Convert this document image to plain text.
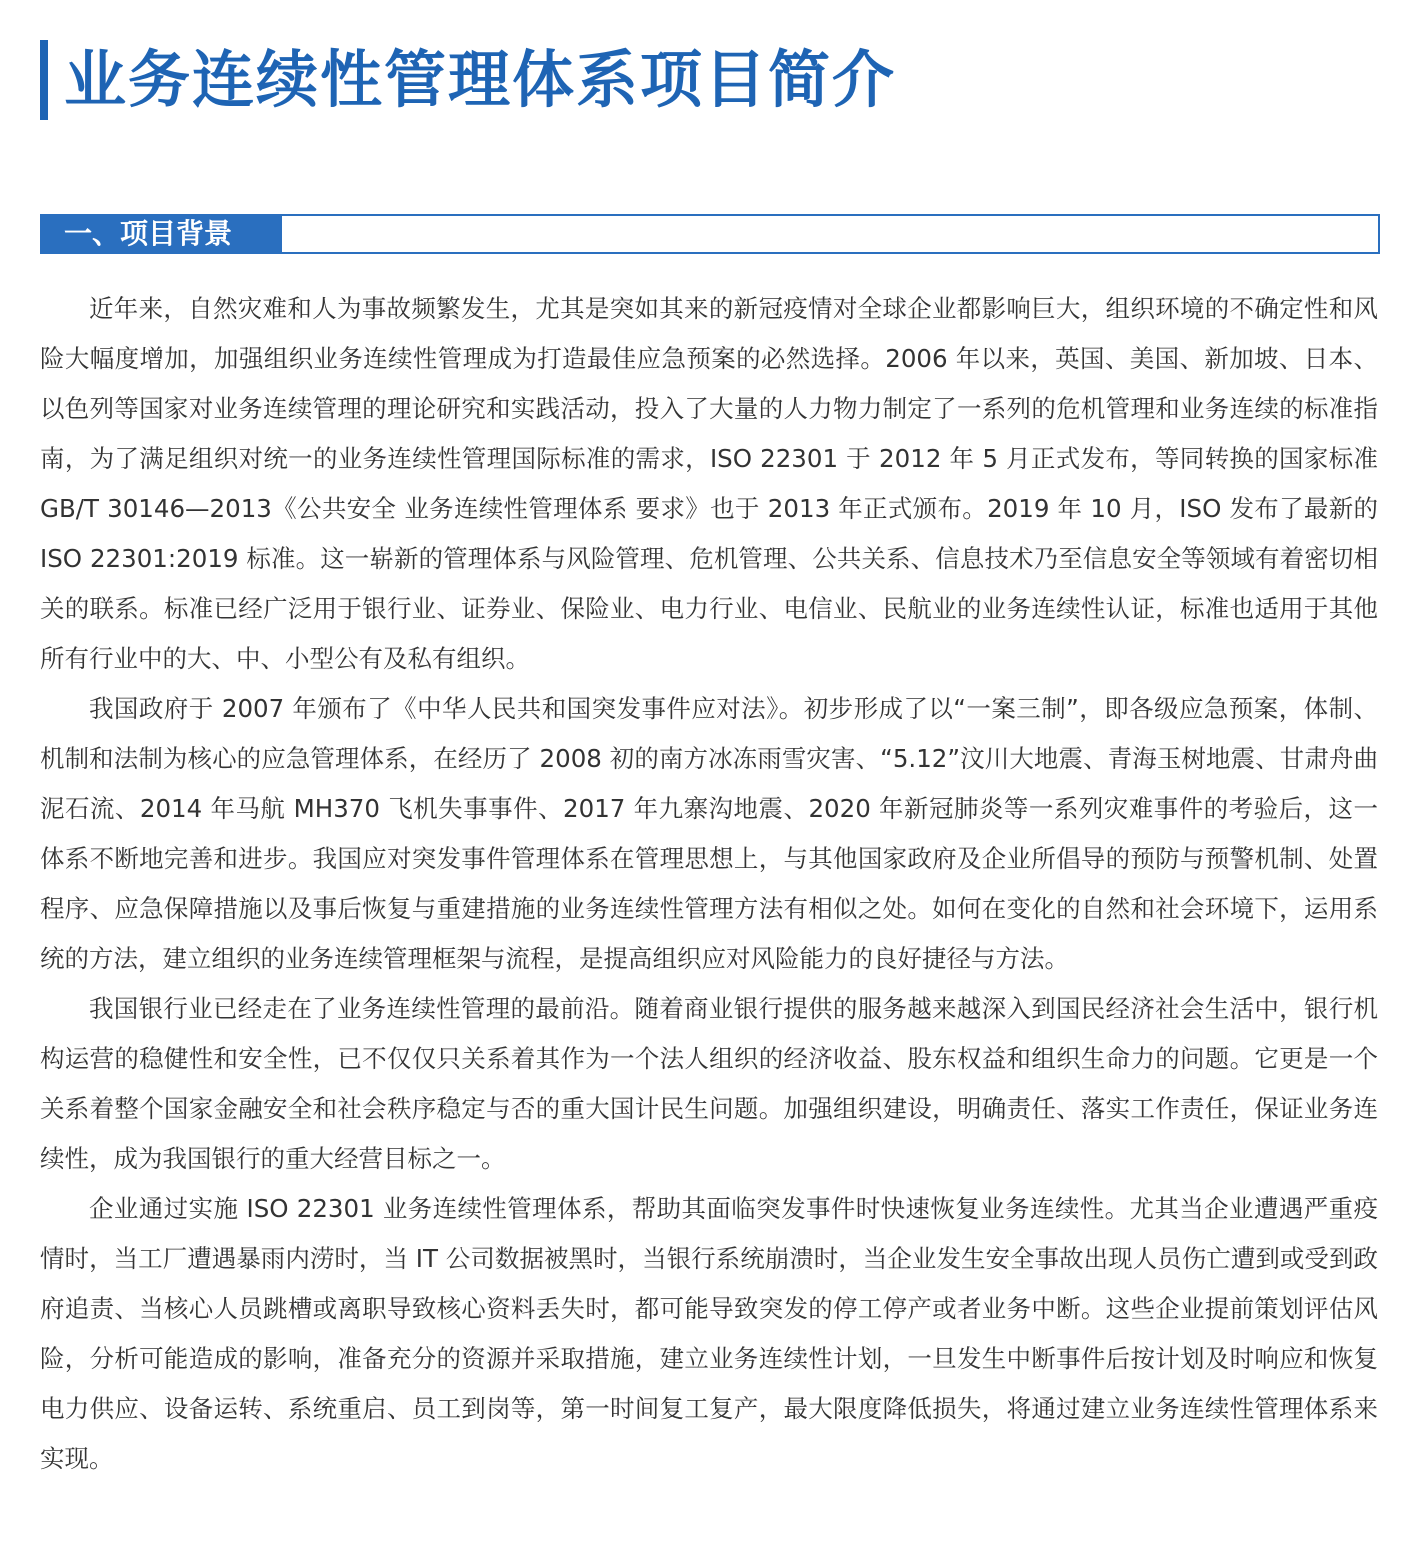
业务连续性管理体系项目简介
一、项目背景

近年来，自然灾难和人为事故频繁发生，尤其是突如其来的新冠疫情对全球企业都影响巨大，组织环境的不确定性和风险大幅度增加，加强组织业务连续性管理成为打造最佳应急预案的必然选择。2006 年以来，英国、美国、新加坡、日本、以色列等国家对业务连续管理的理论研究和实践活动，投入了大量的人力物力制定了一系列的危机管理和业务连续的标准指南，为了满足组织对统一的业务连续性管理国际标准的需求，ISO 22301 于 2012 年 5 月正式发布，等同转换的国家标准 GB/T 30146—2013《公共安全 业务连续性管理体系 要求》也于 2013 年正式颁布。2019 年 10 月，ISO 发布了最新的 ISO 22301:2019 标准。这一崭新的管理体系与风险管理、危机管理、公共关系、信息技术乃至信息安全等领域有着密切相关的联系。标准已经广泛用于银行业、证券业、保险业、电力行业、电信业、民航业的业务连续性认证，标准也适用于其他所有行业中的大、中、小型公有及私有组织。

我国政府于 2007 年颁布了《中华人民共和国突发事件应对法》。初步形成了以“一案三制”，即各级应急预案，体制、机制和法制为核心的应急管理体系，在经历了 2008 初的南方冰冻雨雪灾害、“5.12”汶川大地震、青海玉树地震、甘肃舟曲泥石流、2014 年马航 MH370 飞机失事事件、2017 年九寨沟地震、2020 年新冠肺炎等一系列灾难事件的考验后，这一体系不断地完善和进步。我国应对突发事件管理体系在管理思想上，与其他国家政府及企业所倡导的预防与预警机制、处置程序、应急保障措施以及事后恢复与重建措施的业务连续性管理方法有相似之处。如何在变化的自然和社会环境下，运用系统的方法，建立组织的业务连续管理框架与流程，是提高组织应对风险能力的良好捷径与方法。

我国银行业已经走在了业务连续性管理的最前沿。随着商业银行提供的服务越来越深入到国民经济社会生活中，银行机构运营的稳健性和安全性，已不仅仅只关系着其作为一个法人组织的经济收益、股东权益和组织生命力的问题。它更是一个关系着整个国家金融安全和社会秩序稳定与否的重大国计民生问题。加强组织建设，明确责任、落实工作责任，保证业务连续性，成为我国银行的重大经营目标之一。

企业通过实施 ISO 22301 业务连续性管理体系，帮助其面临突发事件时快速恢复业务连续性。尤其当企业遭遇严重疫情时，当工厂遭遇暴雨内涝时，当 IT 公司数据被黑时，当银行系统崩溃时，当企业发生安全事故出现人员伤亡遭到或受到政府追责、当核心人员跳槽或离职导致核心资料丢失时，都可能导致突发的停工停产或者业务中断。这些企业提前策划评估风险，分析可能造成的影响，准备充分的资源并采取措施，建立业务连续性计划，一旦发生中断事件后按计划及时响应和恢复电力供应、设备运转、系统重启、员工到岗等，第一时间复工复产，最大限度降低损失，将通过建立业务连续性管理体系来实现。
